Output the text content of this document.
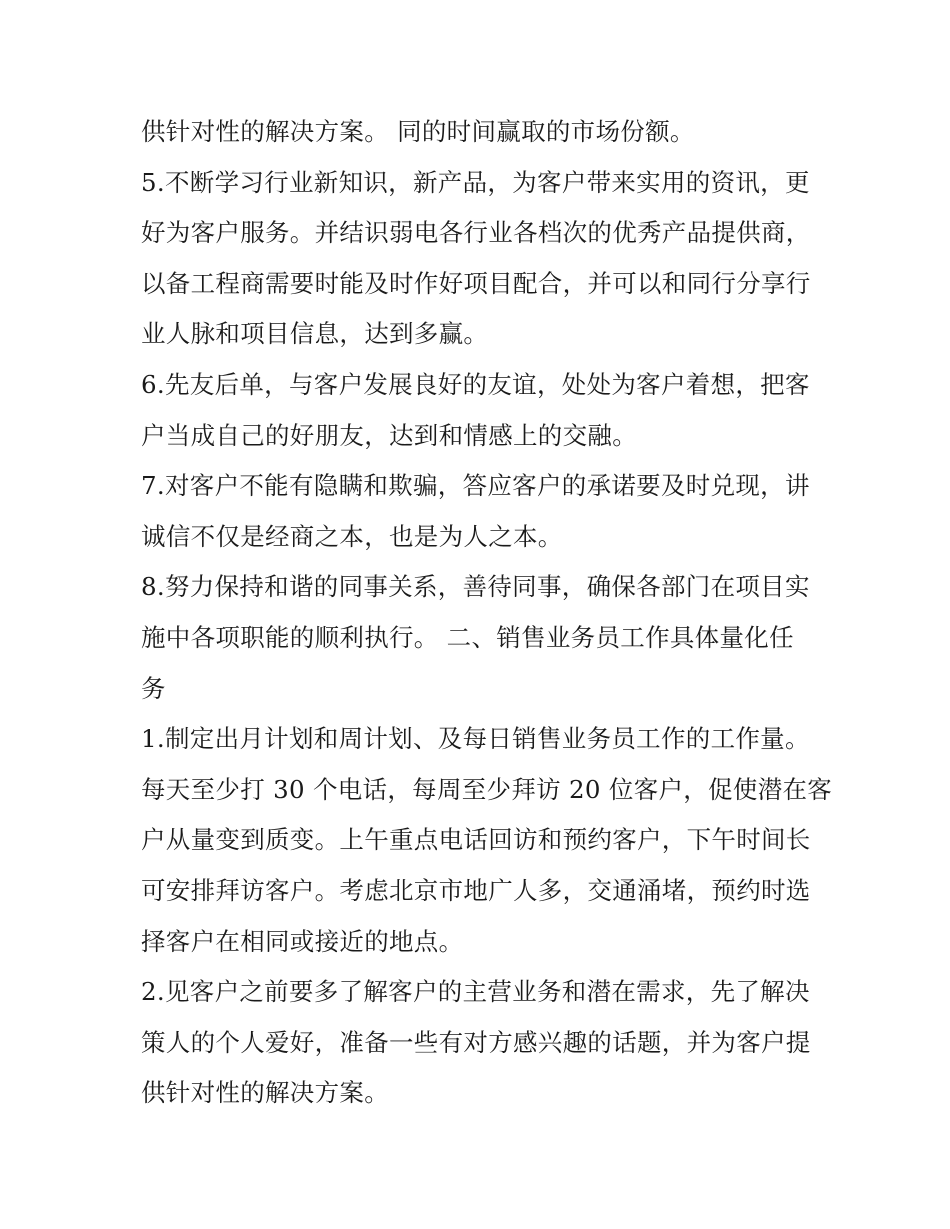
供针对性的解决方案。 同的时间赢取的市场份额。
5.不断学习行业新知识，新产品，为客户带来实用的资讯，更
好为客户服务。并结识弱电各行业各档次的优秀产品提供商，
以备工程商需要时能及时作好项目配合，并可以和同行分享行
业人脉和项目信息，达到多赢。
6.先友后单，与客户发展良好的友谊，处处为客户着想，把客
户当成自己的好朋友，达到和情感上的交融。
7.对客户不能有隐瞒和欺骗，答应客户的承诺要及时兑现，讲
诚信不仅是经商之本，也是为人之本。
8.努力保持和谐的同事关系，善待同事，确保各部门在项目实
施中各项职能的顺利执行。 二、销售业务员工作具体量化任
务
1.制定出月计划和周计划、及每日销售业务员工作的工作量。
每天至少打 30 个电话，每周至少拜访 20 位客户，促使潜在客
户从量变到质变。上午重点电话回访和预约客户，下午时间长
可安排拜访客户。考虑北京市地广人多，交通涌堵，预约时选
择客户在相同或接近的地点。
2.见客户之前要多了解客户的主营业务和潜在需求，先了解决
策人的个人爱好，准备一些有对方感兴趣的话题，并为客户提
供针对性的解决方案。
